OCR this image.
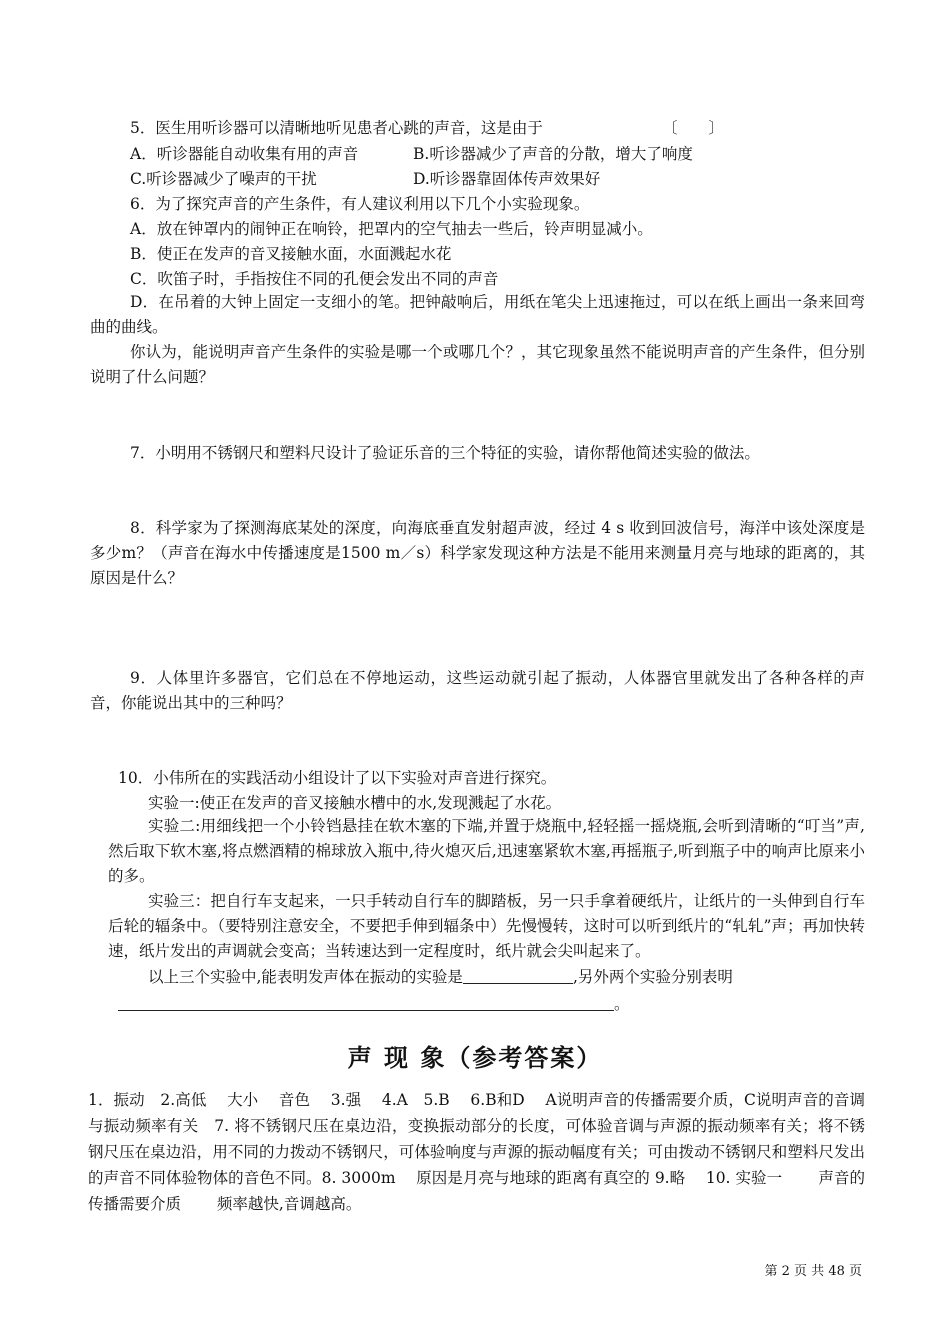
5．医生用听诊器可以清晰地听见患者心跳的声音，这是由于	〔　　〕
A．听诊器能自动收集有用的声音	B.听诊器减少了声音的分散，增大了响度
C.听诊器减少了噪声的干扰	D.听诊器靠固体传声效果好
6．为了探究声音的产生条件，有人建议利用以下几个小实验现象。
A．放在钟罩内的闹钟正在响铃，把罩内的空气抽去一些后，铃声明显减小。
B．使正在发声的音叉接触水面，水面溅起水花
C．吹笛子时，手指按住不同的孔便会发出不同的声音
D．在吊着的大钟上固定一支细小的笔。把钟敲响后，用纸在笔尖上迅速拖过，可以在纸上画出一条来回弯曲的曲线。
你认为，能说明声音产生条件的实验是哪一个或哪几个？，其它现象虽然不能说明声音的产生条件，但分别说明了什么问题？
7．小明用不锈钢尺和塑料尺设计了验证乐音的三个特征的实验，请你帮他简述实验的做法。
8．科学家为了探测海底某处的深度，向海底垂直发射超声波，经过 4 s 收到回波信号，海洋中该处深度是多少m？（声音在海水中传播速度是1500 m／s）科学家发现这种方法是不能用来测量月亮与地球的距离的，其原因是什么？
9．人体里许多器官，它们总在不停地运动，这些运动就引起了振动，人体器官里就发出了各种各样的声音，你能说出其中的三种吗？
10．小伟所在的实践活动小组设计了以下实验对声音进行探究。
实验一:使正在发声的音叉接触水槽中的水,发现溅起了水花。
实验二:用细线把一个小铃铛悬挂在软木塞的下端,并置于烧瓶中,轻轻摇一摇烧瓶,会听到清晰的“叮当”声,然后取下软木塞,将点燃酒精的棉球放入瓶中,待火熄灭后,迅速塞紧软木塞,再摇瓶子,听到瓶子中的响声比原来小的多。
实验三：把自行车支起来，一只手转动自行车的脚踏板，另一只手拿着硬纸片，让纸片的一头伸到自行车后轮的辐条中。（要特别注意安全，不要把手伸到辐条中）先慢慢转，这时可以听到纸片的“轧轧”声；再加快转速，纸片发出的声调就会变高；当转速达到一定程度时，纸片就会尖叫起来了。
以上三个实验中,能表明发声体在振动的实验是	,另外两个实验分别表明
。
声 现 象（参考答案）
1．振动　2.高低　 大小　 音色　 3.强　 4.A　5.B　 6.B和D　 A说明声音的传播需要介质，C说明声音的音调与振动频率有关　7. 将不锈钢尺压在桌边沿，变换振动部分的长度，可体验音调与声源的振动频率有关；将不锈钢尺压在桌边沿，用不同的力拨动不锈钢尺，可体验响度与声源的振动幅度有关；可由拨动不锈钢尺和塑料尺发出的声音不同体验物体的音色不同。8. 3000m　 原因是月亮与地球的距离有真空的 9.略　 10. 实验一　　 声音的传播需要介质　　 频率越快,音调越高。
第 2 页 共 48 页
